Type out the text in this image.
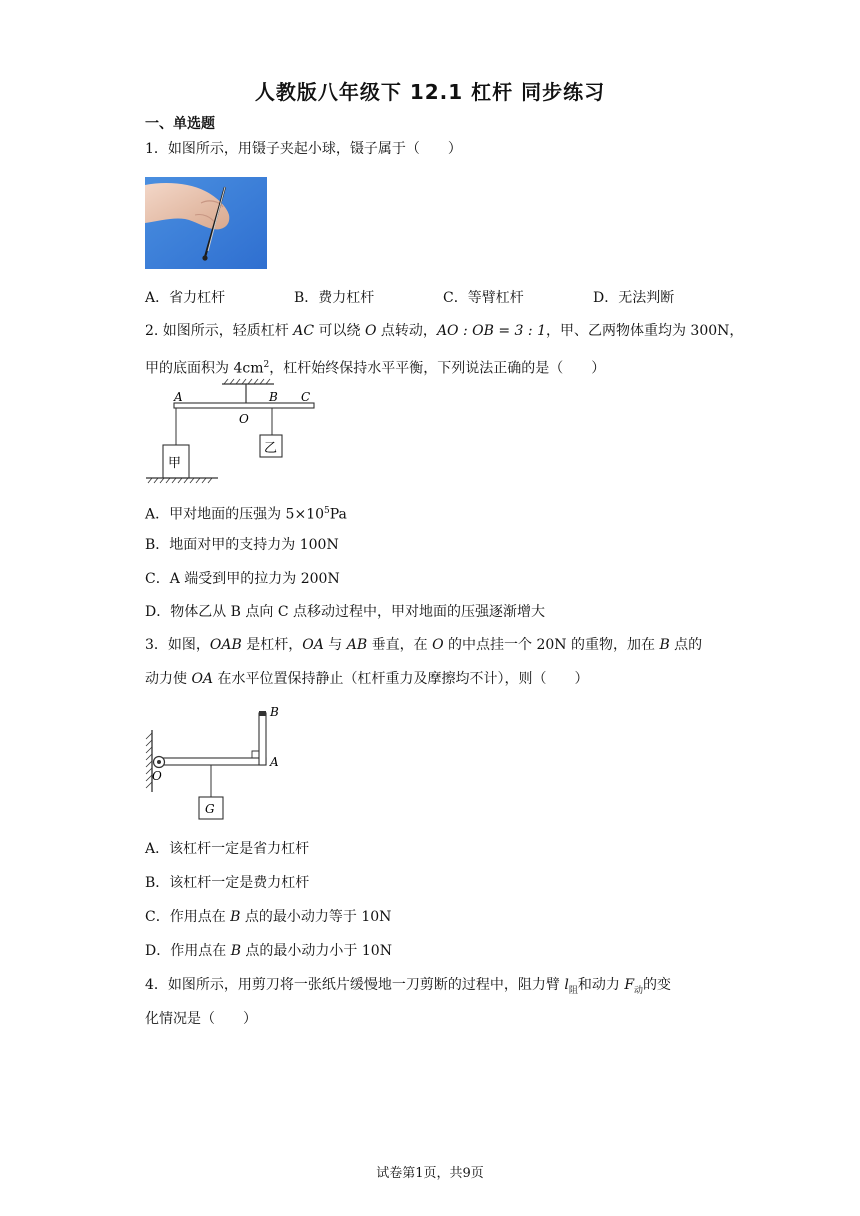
人教版八年级下 12.1 杠杆 同步练习
一、单选题
1．如图所示，用镊子夹起小球，镊子属于（　　）
A．省力杠杆	B．费力杠杆	C．等臂杠杆	D．无法判断
2. 如图所示，轻质杠杆 AC 可以绕 O 点转动，AO : OB = 3 : 1，甲、乙两物体重均为 300N，
甲的底面积为 $4cm^2$，杠杆始终保持水平平衡，下列说法正确的是（　　）
A	B C
O
甲
乙
A．甲对地面的压强为 $5\times 10^5Pa$
B．地面对甲的支持力为 100N
C．A 端受到甲的拉力为 200N
D．物体乙从 B 点向 C 点移动过程中，甲对地面的压强逐渐增大
3．如图，OAB 是杠杆，OA 与 AB 垂直，在 O 的中点挂一个 20N 的重物，加在 B 点的
动力使 OA 在水平位置保持静止（杠杆重力及摩擦均不计），则（　　）
O
A
B
G
A．该杠杆一定是省力杠杆
B．该杠杆一定是费力杠杆
C．作用点在 B 点的最小动力等于 10N
D．作用点在 B 点的最小动力小于 10N
4．如图所示，用剪刀将一张纸片缓慢地一刀剪断的过程中，阻力臂 $l_阻$和动力 $F_动$的变
化情况是（　　）
试卷第1页，共9页
